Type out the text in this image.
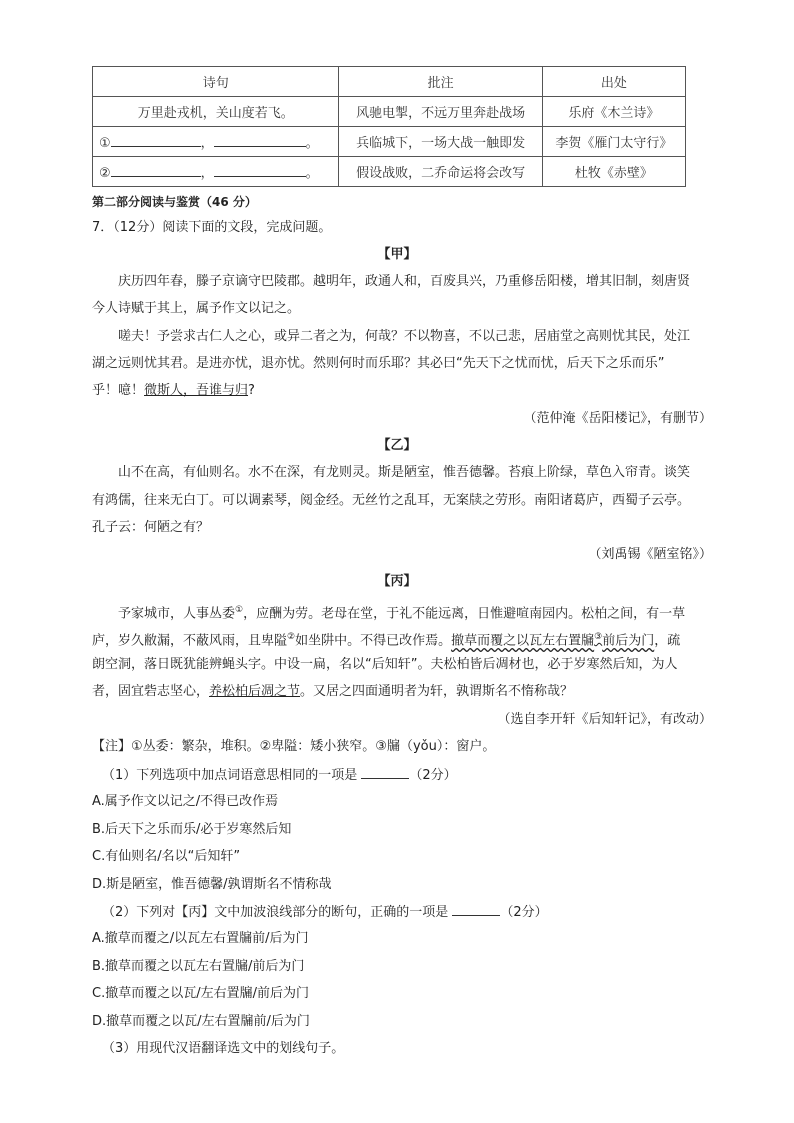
诗句	批注	出处
万里赴戎机，关山度若飞。	风驰电掣，不远万里奔赴战场	乐府《木兰诗》
① ， 。	兵临城下，一场大战一触即发	李贺《雁门太守行》
② ， 。	假设战败，二乔命运将会改写	杜牧《赤壁》
第二部分阅读与鉴赏（46 分）
7．（12分）阅读下面的文段，完成问题。
【甲】
庆历四年春，滕子京谪守巴陵郡。越明年，政通人和，百废具兴，乃重修岳阳楼，增其旧制，刻唐贤
今人诗赋于其上，属予作文以记之。
嗟夫！予尝求古仁人之心，或异二者之为，何哉？不以物喜，不以己悲，居庙堂之高则忧其民，处江
湖之远则忧其君。是进亦忧，退亦忧。然则何时而乐耶？其必曰“先天下之忧而忧，后天下之乐而乐”
乎！噫！微斯人，吾谁与归?
（范仲淹《岳阳楼记》，有删节）
【乙】
山不在高，有仙则名。水不在深，有龙则灵。斯是陋室，惟吾德馨。苔痕上阶绿，草色入帘青。谈笑
有鸿儒，往来无白丁。可以调素琴，阅金经。无丝竹之乱耳，无案牍之劳形。南阳诸葛庐，西蜀子云亭。
孔子云：何陋之有？
（刘禹锡《陋室铭》）
【丙】
予家城市，人事丛委①，应酬为劳。老母在堂，于礼不能远离，日惟避喧南园内。松柏之间，有一草
庐，岁久敝漏，不蔽风雨，且卑隘②如坐阱中。不得已改作焉。撤草而覆之以瓦左右置牖③前后为门，疏
朗空洞，落日既犹能辨蝇头字。中设一扁，名以“后知轩”。夫松柏皆后凋材也，必于岁寒然后知，为人
者，固宜砦志坚心，养松柏后凋之节。又居之四面通明者为轩，孰谓斯名不惰称哉？
（选自李开轩《后知轩记》，有改动）
【注】①丛委：繁杂，堆积。②卑隘：矮小狭窄。③牖（yǒu）：窗户。
（1）下列选项中加点词语意思相同的一项是	（2分）
A.属予作文以记之/不得已改作焉
B.后天下之乐而乐/必于岁寒然后知
C.有仙则名/名以“后知轩”
D.斯是陋室，惟吾德馨/孰谓斯名不情称哉
（2）下列对【丙】文中加波浪线部分的断句，正确的一项是	（2分）
A.撤草而覆之/以瓦左右置牖前/后为门
B.撤草而覆之以瓦左右置牖/前后为门
C.撤草而覆之以瓦/左右置牖/前后为门
D.撤草而覆之以瓦/左右置牖前/后为门
（3）用现代汉语翻译选文中的划线句子。
